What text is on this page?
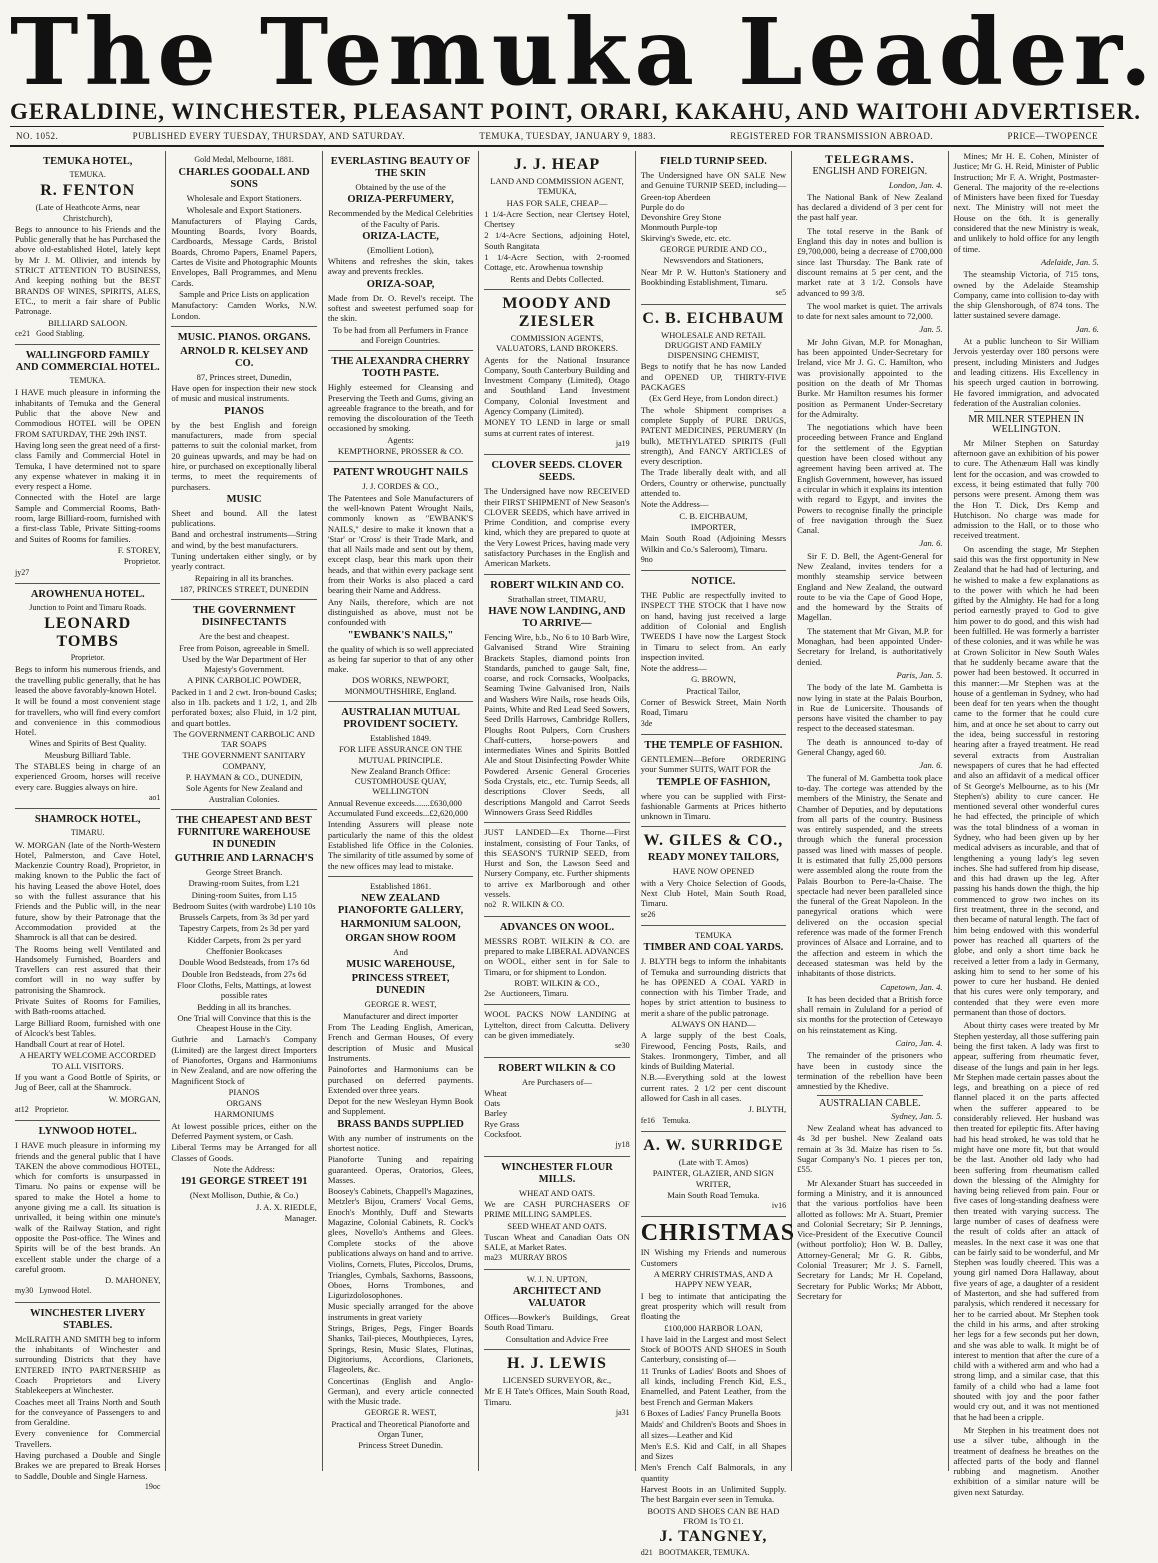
The Temuka Leader.
GERALDINE, WINCHESTER, PLEASANT POINT, ORARI, KAKAHU, AND WAITOHI ADVERTISER.
NO. 1052.	PUBLISHED EVERY TUESDAY, THURSDAY, AND SATURDAY.	TEMUKA, TUESDAY, JANUARY 9, 1883.	REGISTERED FOR TRANSMISSION ABROAD.	PRICE—TWOPENCE
TEMUKA HOTEL,
TEMUKA.
R. FENTON
(Late of Heathcote Arms, near Christchurch),

Begs to announce to his Friends and the Public generally that he has Purchased the above old-established Hotel, lately kept by Mr J. M. Ollivier, and intends by STRICT ATTENTION TO BUSINESS, And keeping nothing but the BEST BRANDS OF WINES, SPIRITS, ALES, ETC., to merit a fair share of Public Patronage.

BILLIARD SALOON.
ce21 Good Stabling.
WALLINGFORD FAMILY AND COMMERCIAL HOTEL.
TEMUKA.

I HAVE much pleasure in informing the inhabitants of Temuka and the General Public that the above New and Commodious HOTEL will be OPEN FROM SATURDAY, THE 29th INST.

Having long seen the great need of a first-class Family and Commercial Hotel in Temuka, I have determined not to spare any expense whatever in making it in every respect a Home.

Connected with the Hotel are large Sample and Commercial Rooms, Bath-room, large Billiard-room, furnished with a first-class Table, Private Sitting-rooms and Suites of Rooms for families.

F. STOREY,
Proprietor.
jy27
AROWHENUA HOTEL.
Junction to Point and Timaru Roads.
LEONARD TOMBS
Proprietor.

Begs to inform his numerous friends, and the travelling public generally, that he has leased the above favorably-known Hotel.

It will be found a most convenient stage for travellers, who will find every comfort and convenience in this commodious Hotel.

Wines and Spirits of Best Quality.
Meusburg Billiard Table.

The STABLES being in charge of an experienced Groom, horses will receive every care. Buggies always on hire.

ao1
SHAMROCK HOTEL,
TIMARU.

W. MORGAN (late of the North-Western Hotel, Palmerston, and Cave Hotel, Mackenzie Country Road), Proprietor, in making known to the Public the fact of his having Leased the above Hotel, does so with the fullest assurance that his Friends and the Public will, in the near future, show by their Patronage that the Accommodation provided at the Shamrock is all that can be desired.

The Rooms being well Ventilated and Handsomely Furnished, Boarders and Travellers can rest assured that their comfort will in no way suffer by patronising the Shamrock.

Private Suites of Rooms for Families, with Bath-rooms attached.

Large Billiard Room, furnished with one of Alcock's best Tables.

Handball Court at rear of Hotel.

A HEARTY WELCOME ACCORDED TO ALL VISITORS.

If you want a Good Bottle of Spirits, or Jug of Beer, call at the Shamrock.

W. MORGAN,
at12 Proprietor.
LYNWOOD HOTEL.

I HAVE much pleasure in informing my friends and the general public that I have TAKEN the above commodious HOTEL, which for comforts is unsurpassed in Timaru. No pains or expense will be spared to make the Hotel a home to anyone giving me a call. Its situation is unrivalled, it being within one minute's walk of the Railway Station, and right opposite the Post-office. The Wines and Spirits will be of the best brands. An excellent stable under the charge of a careful groom.

D. MAHONEY,
my30 Lynwood Hotel.
WINCHESTER LIVERY STABLES.

McILRAITH AND SMITH beg to inform the inhabitants of Winchester and surrounding Districts that they have ENTERED INTO PARTNERSHIP as Coach Proprietors and Livery Stablekeepers at Winchester.

Coaches meet all Trains North and South for the conveyance of Passengers to and from Geraldine.

Every convenience for Commercial Travellers.

Having purchased a Double and Single Brakes we are prepared to Break Horses to Saddle, Double and Single Harness.

19oc
Gold Medal, Melbourne, 1881.
CHARLES GOODALL AND SONS
Wholesale and Export Stationers.
Wholesale and Export Stationers.

Manufacturers of Playing Cards, Mounting Boards, Ivory Boards, Cardboards, Message Cards, Bristol Boards, Chromo Papers, Enamel Papers, Cartes de Visite and Photographic Mounts Envelopes, Ball Programmes, and Menu Cards.

Sample and Price Lists on application

Manufactory: Camden Works, N.W. London.

MUSIC. PIANOS. ORGANS.
ARNOLD R. KELSEY AND CO.
87, Princes street, Dunedin,

Have open for inspection their new stock of music and musical instruments.

PIANOS

by the best English and foreign manufacturers, made from special patterns to suit the colonial market, from 20 guineas upwards, and may be had on hire, or purchased on exceptionally liberal terms, to meet the requirements of purchasers.

MUSIC

Sheet and bound. All the latest publications.

Band and orchestral instruments—String and wind, by the best manufacturers.

Tuning undertaken either singly, or by yearly contract.

Repairing in all its branches.
187, PRINCES STREET, DUNEDIN
THE GOVERNMENT DISINFECTANTS
Are the best and cheapest.
Free from Poison, agreeable in Smell.
Used by the War Department of Her Majesty's Government.
A PINK CARBOLIC POWDER,

Packed in 1 and 2 cwt. Iron-bound Casks; also in 1lb. packets and 1 1/2, 1, and 2lb perforated boxes; also Fluid, in 1/2 pint, and quart bottles.

The GOVERNMENT CARBOLIC AND TAR SOAPS
THE GOVERNMENT SANITARY COMPANY,
P. HAYMAN & CO., DUNEDIN,
Sole Agents for New Zealand and Australian Colonies.
THE CHEAPEST AND BEST FURNITURE WAREHOUSE IN DUNEDIN
GUTHRIE AND LARNACH'S
George Street Branch.
Drawing-room Suites, from L21
Dining-room Suites, from L15
Bedroom Suites (with wardrobe) L10 10s
Brussels Carpets, from 3s 3d per yard
Tapestry Carpets, from 2s 3d per yard
Kidder Carpets, from 2s per yard
Cheffonier Bookcases
Double Wood Bedsteads, from 17s 6d
Double Iron Bedsteads, from 27s 6d
Floor Cloths, Felts, Mattings, at lowest possible rates
Bedding in all its branches.
One Trial will Convince that this is the Cheapest House in the City.

Guthrie and Larnach's Company (Limited) are the largest direct Importers of Pianofortes, Organs and Harmoniums in New Zealand, and are now offering the Magnificent Stock of

PIANOS
ORGANS
HARMONIUMS

At lowest possible prices, either on the Deferred Payment system, or Cash.

Liberal Terms may be Arranged for all Classes of Goods.

Note the Address:
191 GEORGE STREET 191
(Next Mollison, Duthie, & Co.)
J. A. X. RIEDLE,
Manager.
EVERLASTING BEAUTY OF THE SKIN
Obtained by the use of the
ORIZA-PERFUMERY,
Recommended by the Medical Celebrities of the Faculty of Paris.
ORIZA-LACTE,
(Emollient Lotion),

Whitens and refreshes the skin, takes away and prevents freckles.

ORIZA-SOAP,

Made from Dr. O. Revel's receipt. The softest and sweetest perfumed soap for the skin.

To be had from all Perfumers in France and Foreign Countries.
THE ALEXANDRA CHERRY TOOTH PASTE.

Highly esteemed for Cleansing and Preserving the Teeth and Gums, giving an agreeable fragrance to the breath, and for removing the discolouration of the Teeth occasioned by smoking.

Agents:
KEMPTHORNE, PROSSER & CO.
PATENT WROUGHT NAILS
J. J. CORDES & CO.,

The Patentees and Sole Manufacturers of the well-known Patent Wrought Nails, commonly known as "EWBANK'S NAILS," desire to make it known that a 'Star' or 'Cross' is their Trade Mark, and that all Nails made and sent out by them, except clasp, bear this mark upon their heads, and that within every package sent from their Works is also placed a card bearing their Name and Address.

Any Nails, therefore, which are not distinguished as above, must not be confounded with

"EWBANK'S NAILS,"

the quality of which is so well appreciated as being far superior to that of any other make.

DOS WORKS, NEWPORT, MONMOUTHSHIRE, England.
AUSTRALIAN MUTUAL PROVIDENT SOCIETY.
Established 1849.
FOR LIFE ASSURANCE ON THE MUTUAL PRINCIPLE.
New Zealand Branch Office: CUSTOMHOUSE QUAY, WELLINGTON
Annual Revenue exceeds.......£630,000
Accumulated Fund exceeds...£2,620,000

Intending Assurers will please note particularly the name of this the oldest Established life Office in the Colonies. The similarity of title assumed by some of the new offices may lead to mistake.

Established 1861.
NEW ZEALAND PIANOFORTE GALLERY,
HARMONIUM SALOON,
ORGAN SHOW ROOM
And
MUSIC WAREHOUSE,
PRINCESS STREET, DUNEDIN
GEORGE R. WEST,
Manufacturer and direct importer

From The Leading English, American, French and German Houses, Of every description of Music and Musical Instruments.

Painofortes and Harmoniums can be purchased on deferred payments. Extended over three years.

Depot for the new Wesleyan Hymn Book and Supplement.

BRASS BANDS SUPPLIED

With any number of instruments on the shortest notice.

Pianoforte Tuning and repairing guaranteed. Operas, Oratorios, Glees, Masses.

Boosey's Cabinets, Chappell's Magazines, Metzler's Bijou, Cramers' Vocal Gems, Enoch's Monthly, Duff and Stewarts Magazine, Colonial Cabinets, R. Cock's glees, Novello's Anthems and Glees. Complete stocks of the above publications always on hand and to arrive.

Violins, Cornets, Flutes, Piccolos, Drums, Triangles, Cymbals, Saxhorns, Bassoons, Oboes, Horns Trombones, and Ligurizdolosophones.

Music specially arranged for the above instruments in great variety

Strings, Briges, Pegs, Finger Boards Shanks, Tail-pieces, Mouthpieces, Lyres, Springs, Resin, Music Slates, Flutinas, Digitoriums, Accordions, Clarionets, Flageolets, &c.

Concertinas (English and Anglo-German), and every article connected with the Music trade.

GEORGE R. WEST,
Practical and Theoretical Pianoforte and Organ Tuner,
Princess Street Dunedin.
J. J. HEAP
LAND AND COMMISSION AGENT, TEMUKA,
HAS FOR SALE, CHEAP—

1 1/4-Acre Section, near Clertsey Hotel, Chertsey

2 1/4-Acre Sections, adjoining Hotel, South Rangitata

1 1/4-Acre Section, with 2-roomed Cottage, etc. Arowhenua township

Rents and Debts Collected.
MOODY AND ZIESLER
COMMISSION AGENTS, VALUATORS, LAND BROKERS.

Agents for the National Insurance Company, South Canterbury Building and Investment Company (Limited), Otago and Southland Land Investment Company, Colonial Investment and Agency Company (Limited).

MONEY TO LEND in large or small sums at current rates of interest.

ja19
CLOVER SEEDS. CLOVER SEEDS.

The Undersigned have now RECEIVED their FIRST SHIPMENT of New Season's CLOVER SEEDS, which have arrived in Prime Condition, and comprise every kind, which they are prepared to quote at the Very Lowest Prices, having made very satisfactory Purchases in the English and American Markets.

ROBERT WILKIN AND CO.
Strathallan street, TIMARU,
HAVE NOW LANDING, AND TO ARRIVE—

Fencing Wire, b.b., No 6 to 10 Barb Wire, Galvanised Strand Wire Straining Brackets Staples, diamond points Iron Standards, punched to gauge Salt, fine, coarse, and rock Cornsacks, Woolpacks, Seaming Twine Galvanised Iron, Nails and Washers Wire Nails, rose heads Oils, Paints, White and Red Lead Seed Sowers, Seed Drills Harrows, Cambridge Rollers, Ploughs Root Pulpers, Corn Crushers Chaff-cutters, horse-powers and intermediates Wines and Spirits Bottled Ale and Stout Disinfecting Powder White Powdered Arsenic General Groceries Soda Crystals, etc., etc. Turnip Seeds, all descriptions Clover Seeds, all descriptions Mangold and Carrot Seeds Winnowers Grass Seed Riddles

JUST LANDED—Ex Thorne—First instalment, consisting of Four Tanks, of this SEASON'S TURNIP SEED, from Hurst and Son, the Lawson Seed and Nursery Company, etc. Further shipments to arrive ex Marlborough and other vessels.

no2 R. WILKIN & CO.
ADVANCES ON WOOL.

MESSRS ROBT. WILKIN & CO. are prepared to make LIBERAL ADVANCES on WOOL, either sent in for Sale to Timaru, or for shipment to London.

ROBT. WILKIN & CO.,
2se Auctioneers, Timaru.

WOOL PACKS NOW LANDING at Lyttelton, direct from Calcutta. Delivery can be given immediately.

se30
ROBERT WILKIN & CO
Are Purchasers of—
Wheat
Oats
Barley
Rye Grass
Cocksfoot.
jy18
WINCHESTER FLOUR MILLS.
WHEAT AND OATS.

We are CASH PURCHASERS OF PRIME MILLING SAMPLES.

SEED WHEAT AND OATS.

Tuscan Wheat and Canadian Oats ON SALE, at Market Rates.

ma23 MURRAY BROS
W. J. N. UPTON,
ARCHITECT AND VALUATOR

Offices—Bowker's Buildings, Great South Road Timaru.

Consultation and Advice Free
H. J. LEWIS
LICENSED SURVEYOR, &c.,

Mr E H Tate's Offices, Main South Road, Timaru.

ja31
FIELD TURNIP SEED.

The Undersigned have ON SALE New and Genuine TURNIP SEED, including—

Green-top Aberdeen
Purple do do
Devonshire Grey Stone
Monmouth Purple-top
Skirving's Swede, etc. etc.
GEORGE PURDIE AND CO.,
Newsvendors and Stationers,

Near Mr P. W. Hutton's Stationery and Bookbinding Establishment, Timaru.

se5
C. B. EICHBAUM
WHOLESALE AND RETAIL DRUGGIST AND FAMILY DISPENSING CHEMIST,

Begs to notify that he has now Landed and OPENED UP, THIRTY-FIVE PACKAGES

(Ex Gerd Heye, from London direct.)

The whole Shipment comprises a complete Supply of PURE DRUGS, PATENT MEDICINES, PERUMERY (In bulk), METHYLATED SPIRITS (Full strength), And FANCY ARTICLES of every description.

The Trade liberally dealt with, and all Orders, Country or otherwise, punctually attended to.

Note the Address—
C. B. EICHBAUM,
IMPORTER,

Main South Road (Adjoining Messrs Wilkin and Co.'s Saleroom), Timaru.

9no
NOTICE.

THE Public are respectfully invited to INSPECT THE STOCK that I have now on hand, having just received a large addition of Colonial and English TWEEDS I have now the Largest Stock in Timaru to select from. An early inspection invited.

Note the address—
G. BROWN,
Practical Tailor,

Corner of Beswick Street, Main North Road, Timaru

3de
THE TEMPLE OF FASHION.

GENTLEMEN—Before ORDERING your Summer SUITS, WAIT FOR the

TEMPLE OF FASHION,

where you can be supplied with First-fashionable Garments at Prices hitherto unknown in Timaru.

W. GILES & CO.,
READY MONEY TAILORS,
HAVE NOW OPENED

with a Very Choice Selection of Goods, Next Club Hotel, Main South Road, Timaru.

se26
TEMUKA
TIMBER AND COAL YARDS.

J. BLYTH begs to inform the inhabitants of Temuka and surrounding districts that he has OPENED A COAL YARD in connection with his Timber Trade, and hopes by strict attention to business to merit a share of the public patronage.

ALWAYS ON HAND—

A large supply of the best Coals, Firewood, Fencing Posts, Rails, and Stakes. Ironmongery, Timber, and all kinds of Building Material.

N.B.—Everything sold at the lowest current rates. 2 1/2 per cent discount allowed for Cash in all cases.

J. BLYTH,
fe16 Temuka.
A. W. SURRIDGE
(Late with T. Amos)
PAINTER, GLAZIER, AND SIGN WRITER,
Main South Road Temuka.
iv16
CHRISTMAS

IN Wishing my Friends and numerous Customers

A MERRY CHRISTMAS, AND A HAPPY NEW YEAR,

I beg to intimate that anticipating the great prosperity which will result from floating the

£100,000 HARBOR LOAN,

I have laid in the Largest and most Select Stock of BOOTS AND SHOES in South Canterbury, consisting of—

11 Trunks of Ladies' Boots and Shoes of all kinds, including French Kid, E.S., Enamelled, and Patent Leather, from the best French and German Makers

6 Boxes of Ladies' Fancy Prunella Boots

Maids' and Children's Boots and Shoes in all sizes—Leather and Kid

Men's E.S. Kid and Calf, in all Shapes and Sizes

Men's French Calf Balmorals, in any quantity

Harvest Boots in an Unlimited Supply. The best Bargain ever seen in Temuka.

BOOTS AND SHOES CAN BE HAD FROM 1s TO £1.
J. TANGNEY,
d21 BOOTMAKER, TEMUKA.
TELEGRAMS.
ENGLISH AND FOREIGN.
London, Jan. 4.

The National Bank of New Zealand has declared a dividend of 3 per cent for the past half year.

The total reserve in the Bank of England this day in notes and bullion is £9,700,000, being a decrease of £700,000 since last Thursday. The Bank rate of discount remains at 5 per cent, and the market rate at 3 1/2. Consols have advanced to 99 3/8.

The wool market is quiet. The arrivals to date for next sales amount to 72,000.

Jan. 5.

Mr John Givan, M.P. for Monaghan, has been appointed Under-Secretary for Ireland, vice Mr J. G. C. Hamilton, who was provisionally appointed to the position on the death of Mr Thomas Burke. Mr Hamilton resumes his former position as Permanent Under-Secretary for the Admiralty.

The negotiations which have been proceeding between France and England for the settlement of the Egyptian question have been closed without any agreement having been arrived at. The English Government, however, has issued a circular in which it explains its intention with regard to Egypt, and invites the Powers to recognise finally the principle of free navigation through the Suez Canal.

Jan. 6.

Sir F. D. Bell, the Agent-General for New Zealand, invites tenders for a monthly steamship service between England and New Zealand, the outward route to be via the Cape of Good Hope, and the homeward by the Straits of Magellan.

The statement that Mr Givan, M.P. for Monaghan, had been appointed Under-Secretary for Ireland, is authoritatively denied.

Paris, Jan. 5.

The body of the late M. Gambetta is now lying in state at the Palais Bourbon, in Rue de Lunicersite. Thousands of persons have visited the chamber to pay respect to the deceased statesman.

The death is announced to-day of General Changy, aged 60.

Jan. 6.

The funeral of M. Gambetta took place to-day. The cortege was attended by the members of the Ministry, the Senate and Chamber of Deputies, and by deputations from all parts of the country. Business was entirely suspended, and the streets through which the funeral procession passed was lined with masses of people. It is estimated that fully 25,000 persons were assembled along the route from the Palais Bourbon to Pere-la-Chaise. The spectacle had never been paralleled since the funeral of the Great Napoleon. In the panegyrical orations which were delivered on the occasion special reference was made of the former French provinces of Alsace and Lorraine, and to the affection and esteem in which the deceased statesman was held by the inhabitants of those districts.

Capetown, Jan. 4.

It has been decided that a British force shall remain in Zululand for a period of six months for the protection of Cetewayo on his reinstatement as King.

Cairo, Jan. 4.

The remainder of the prisoners who have been in custody since the termination of the rebellion have been amnestied by the Khedive.

AUSTRALIAN CABLE.
Sydney, Jan. 5.

New Zealand wheat has advanced to 4s 3d per bushel. New Zealand oats remain at 3s 3d. Maize has risen to 5s. Sugar Company's No. 1 pieces per ton, £55.

Mr Alexander Stuart has succeeded in forming a Ministry, and it is announced that the various portfolios have been allotted as follows: Mr A. Stuart, Premier and Colonial Secretary; Sir P. Jennings, Vice-President of the Executive Council (without portfolio); Hon W. B. Dalley, Attorney-General; Mr G. R. Gibbs, Colonial Treasurer; Mr J. S. Farnell, Secretary for Lands; Mr H. Copeland, Secretary for Public Works; Mr Abbott, Secretary for

Mines; Mr H. E. Cohen, Minister of Justice; Mr G. H. Reid, Minister of Public Instruction; Mr F. A. Wright, Postmaster-General. The majority of the re-elections of Ministers have been fixed for Tuesday next. The Ministry will not meet the House on the 6th. It is generally considered that the new Ministry is weak, and unlikely to hold office for any length of time.

Adelaide, Jan. 5.

The steamship Victoria, of 715 tons, owned by the Adelaide Steamship Company, came into collision to-day with the ship Glenshorough, of 874 tons. The latter sustained severe damage.

Jan. 6.

At a public luncheon to Sir William Jervois yesterday over 180 persons were present, including Ministers and Judges and leading citizens. His Excellency in his speech urged caution in borrowing. He favored immigration, and advocated federation of the Australian colonies.

MR MILNER STEPHEN IN WELLINGTON.

Mr Milner Stephen on Saturday afternoon gave an exhibition of his power to cure. The Athenæum Hall was kindly lent for the occasion, and was crowded to excess, it being estimated that fully 700 persons were present. Among them was the Hon T. Dick, Drs Kemp and Hutchison. No charge was made for admission to the Hall, or to those who received treatment.

On ascending the stage, Mr Stephen said this was the first opportunity in New Zealand that he had had of lecturing, and he wished to make a few explanations as to the power with which he had been gifted by the Almighty. He had for a long period earnestly prayed to God to give him power to do good, and this wish had been fulfilled. He was formerly a barrister of these colonies, and it was while he was at Crown Solicitor in New South Wales that he suddenly became aware that the power had been bestowed. It occurred in this manner:—Mr Stephen was at the house of a gentleman in Sydney, who had been deaf for ten years when the thought came to the former that he could cure him, and at once he set about to carry out the idea, being successful in restoring hearing after a frayed treatment. He read several extracts from Australian newspapers of cures that he had effected and also an affidavit of a medical officer of St George's Melbourne, as to his (Mr Stephen's) ability to cure cancer. He mentioned several other wonderful cures he had effected, the principle of which was the total blindness of a woman in Sydney, who had been given up by her medical advisers as incurable, and that of lengthening a young lady's leg seven inches. She had suffered from hip disease, and this had drawn up the leg. After passing his hands down the thigh, the hip commenced to grow two inches on its first treatment, three in the second, and then became of natural length. The fact of him being endowed with this wonderful power has reached all quarters of the globe, and only a short time back he received a letter from a lady in Germany, asking him to send to her some of his power to cure her husband. He denied that his cures were only temporary, and contended that they were even more permanent than those of doctors.

About thirty cases were treated by Mr Stephen yesterday, all those suffering pain being the first taken. A lady was first to appear, suffering from rheumatic fever, disease of the lungs and pain in her legs. Mr Stephen made certain passes about the legs, and breathing on a piece of red flannel placed it on the parts affected when the sufferer appeared to be considerably relieved. Her husband was then treated for epileptic fits. After having had his head stroked, he was told that he might have one more fit, but that would be the last. Another old lady who had been suffering from rheumatism called down the blessing of the Almighty for having being relieved from pain. Four or five cases of long-standing deafness were then treated with varying success. The large number of cases of deafness were the result of colds after an attack of measles. In the next case it was one that can be fairly said to be wonderful, and Mr Stephen was loudly cheered. This was a young girl named Dora Hallaway, about five years of age, a daughter of a resident of Masterton, and she had suffered from paralysis, which rendered it necessary for her to be carried about. Mr Stephen took the child in his arms, and after stroking her legs for a few seconds put her down, and she was able to walk. It might be of interest to mention that after the cure of a child with a withered arm and who had a strong limp, and a similar case, that this family of a child who had a lame foot shouted with joy and the poor father would cry out, and it was not mentioned that he had been a cripple.

Mr Stephen in his treatment does not use a silver tube, although in the treatment of deafness he breathes on the affected parts of the body and flannel rubbing and magnetism. Another exhibition of a similar nature will be given next Saturday.
